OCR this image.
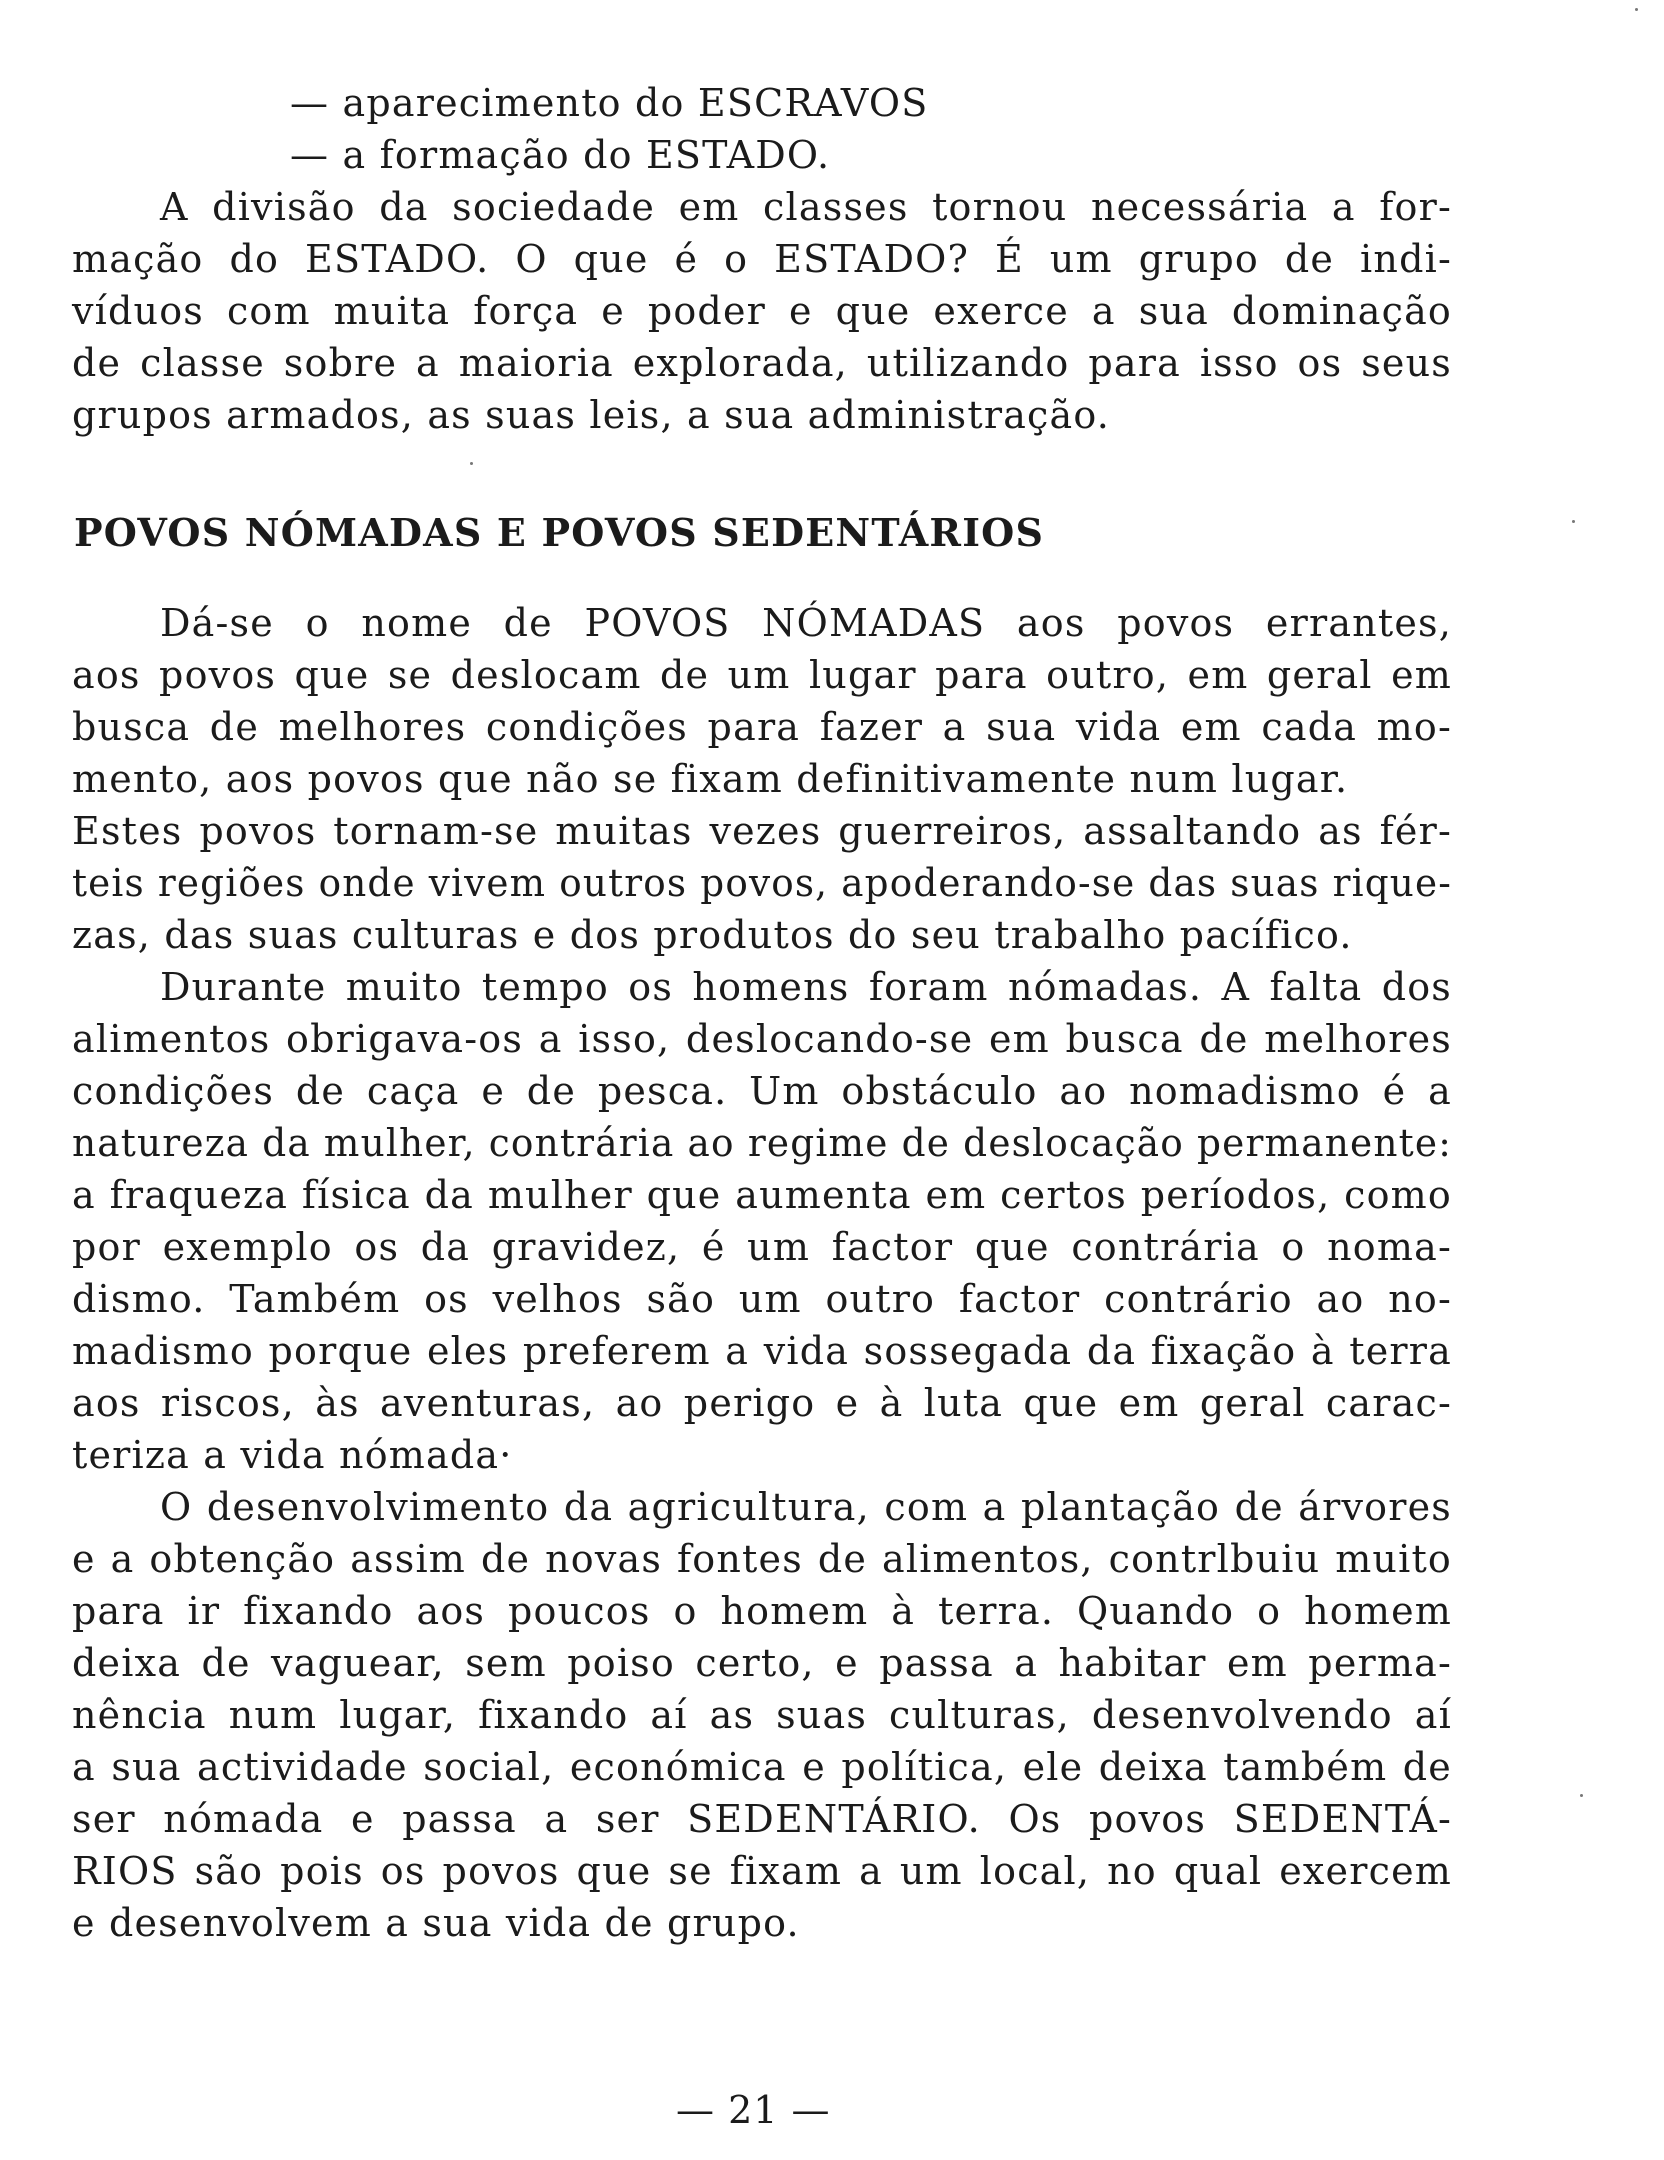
— aparecimento do ESCRAVOS

— a formação do ESTADO.

A divisão da sociedade em classes tornou necessária a for-

mação do ESTADO. O que é o ESTADO? É um grupo de indi-

víduos com muita força e poder e que exerce a sua dominação

de classe sobre a maioria explorada, utilizando para isso os seus

grupos armados, as suas leis, a sua administração.

POVOS NÓMADAS E POVOS SEDENTÁRIOS

Dá-se o nome de POVOS NÓMADAS aos povos errantes,

aos povos que se deslocam de um lugar para outro, em geral em

busca de melhores condições para fazer a sua vida em cada mo-

mento, aos povos que não se fixam definitivamente num lugar.

Estes povos tornam-se muitas vezes guerreiros, assaltando as fér-

teis regiões onde vivem outros povos, apoderando-se das suas rique-

zas, das suas culturas e dos produtos do seu trabalho pacífico.

Durante muito tempo os homens foram nómadas. A falta dos

alimentos obrigava-os a isso, deslocando-se em busca de melhores

condições de caça e de pesca. Um obstáculo ao nomadismo é a

natureza da mulher, contrária ao regime de deslocação permanente:

a fraqueza física da mulher que aumenta em certos períodos, como

por exemplo os da gravidez, é um factor que contrária o noma-

dismo. Também os velhos são um outro factor contrário ao no-

madismo porque eles preferem a vida sossegada da fixação à terra

aos riscos, às aventuras, ao perigo e à luta que em geral carac-

teriza a vida nómada·

O desenvolvimento da agricultura, com a plantação de árvores

e a obtenção assim de novas fontes de alimentos, contrlbuiu muito

para ir fixando aos poucos o homem à terra. Quando o homem

deixa de vaguear, sem poiso certo, e passa a habitar em perma-

nência num lugar, fixando aí as suas culturas, desenvolvendo aí

a sua actividade social, económica e política, ele deixa também de

ser nómada e passa a ser SEDENTÁRIO. Os povos SEDENTÁ-

RIOS são pois os povos que se fixam a um local, no qual exercem

e desenvolvem a sua vida de grupo.

— 21 —
